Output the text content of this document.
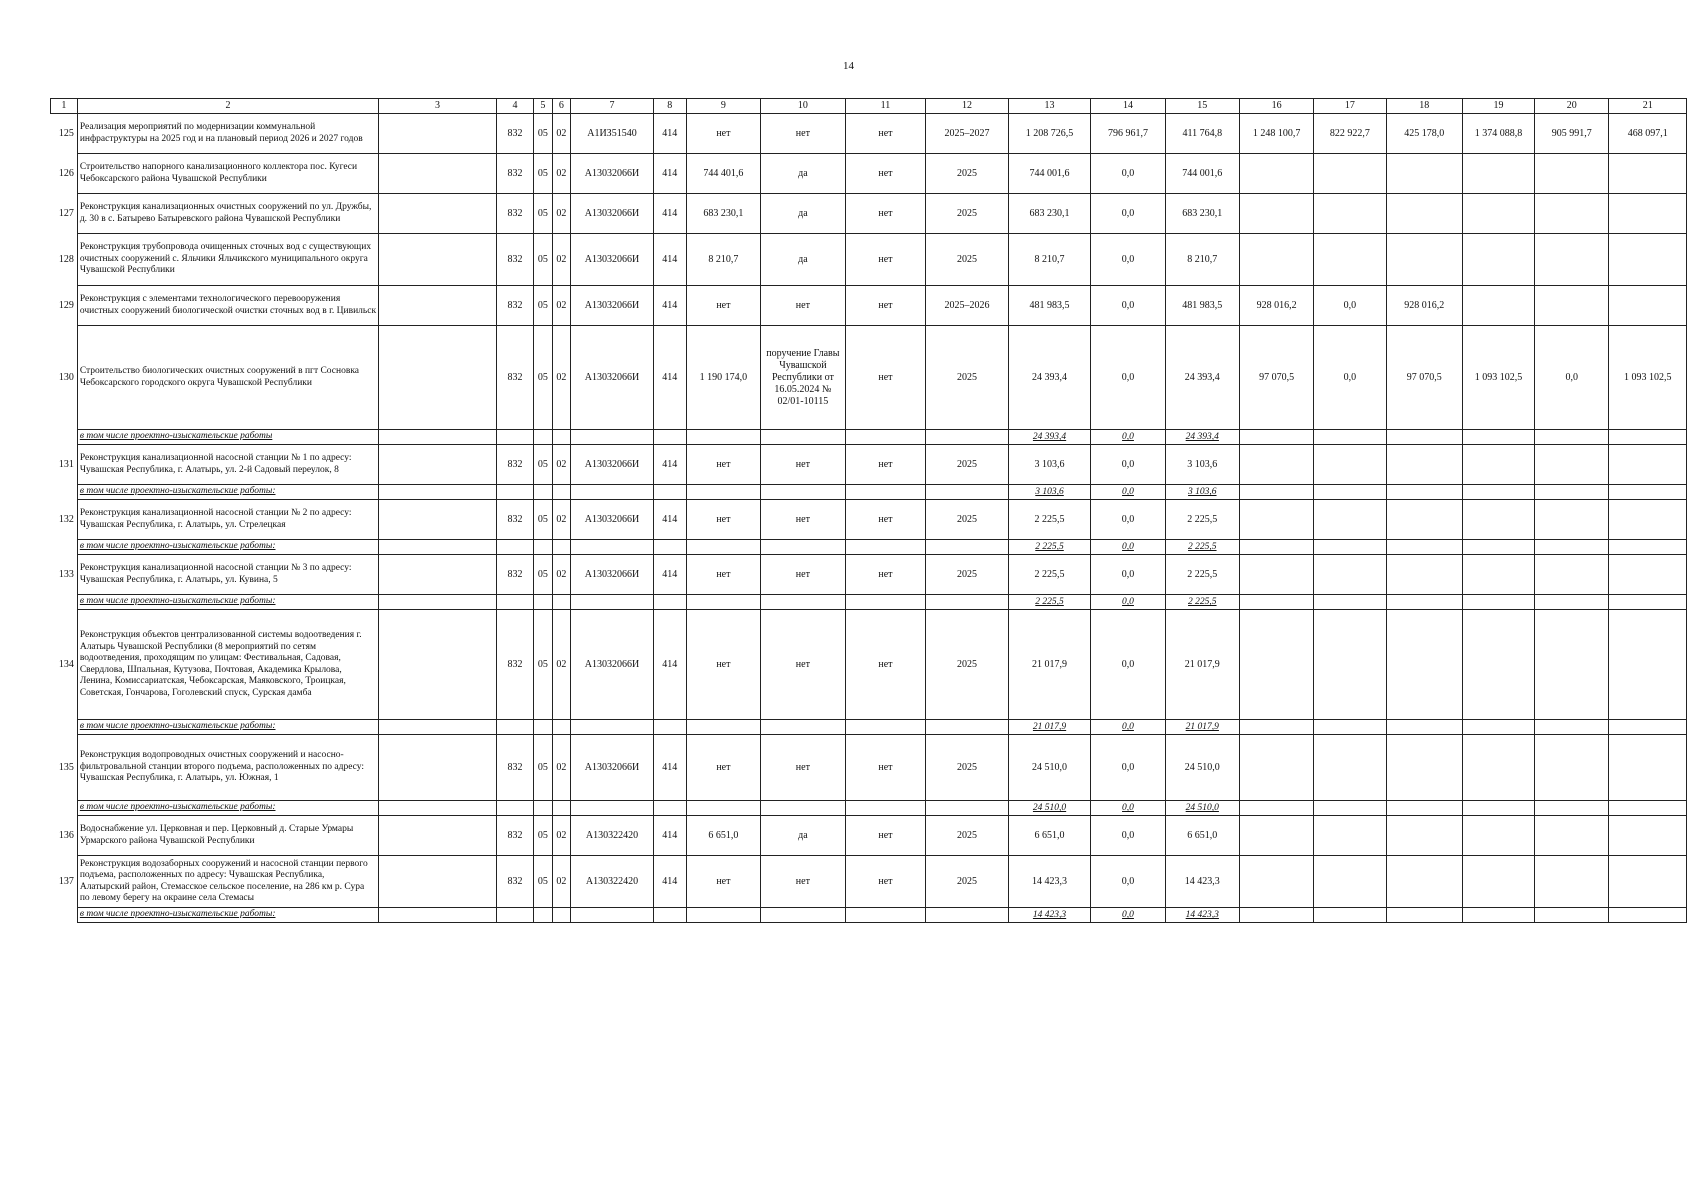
14
1	2	3	4	5	6	7	8	9	10	11	12	13	14	15	16	17	18	19	20	21
125	Реализация мероприятий по модернизации коммунальной инфраструктуры на 2025 год и на плановый период 2026 и 2027 годов		832	05	02	A1ИЗ51540	414	нет	нет	нет	2025–2027	1 208 726,5	796 961,7	411 764,8	1 248 100,7	822 922,7	425 178,0	1 374 088,8	905 991,7	468 097,1
126	Строительство напорного канализационного коллектора пос. Кугеси Чебоксарского района Чувашской Республики		832	05	02	A13032066И	414	744 401,6	да	нет	2025	744 001,6	0,0	744 001,6						
127	Реконструкция канализационных очистных сооружений по ул. Дружбы, д. 30 в с. Батырево Батыревского района Чувашской Республики		832	05	02	A13032066И	414	683 230,1	да	нет	2025	683 230,1	0,0	683 230,1						
128	Реконструкция трубопровода очищенных сточных вод с существующих очистных сооружений с. Яльчики Яльчикского муниципального округа Чувашской Республики		832	05	02	A13032066И	414	8 210,7	да	нет	2025	8 210,7	0,0	8 210,7						
129	Реконструкция с элементами технологического перевооружения очистных сооружений биологической очистки сточных вод в г. Цивильск		832	05	02	A13032066И	414	нет	нет	нет	2025–2026	481 983,5	0,0	481 983,5	928 016,2	0,0	928 016,2			
130	Строительство биологических очистных сооружений в пгт Сосновка Чебоксарского городского округа Чувашской Республики		832	05	02	A13032066И	414	1 190 174,0	поручение Главы Чувашской Республики от 16.05.2024 № 02/01-10115	нет	2025	24 393,4	0,0	24 393,4	97 070,5	0,0	97 070,5	1 093 102,5	0,0	1 093 102,5
	в том числе проектно-изыскательские работы											24 393,4	0,0	24 393,4						
131	Реконструкция канализационной насосной станции № 1 по адресу: Чувашская Республика, г. Алатырь, ул. 2-й Садовый переулок, 8		832	05	02	A13032066И	414	нет	нет	нет	2025	3 103,6	0,0	3 103,6						
	в том числе проектно-изыскательские работы:											3 103,6	0,0	3 103,6						
132	Реконструкция канализационной насосной станции № 2 по адресу: Чувашская Республика, г. Алатырь, ул. Стрелецкая		832	05	02	A13032066И	414	нет	нет	нет	2025	2 225,5	0,0	2 225,5						
	в том числе проектно-изыскательские работы:											2 225,5	0,0	2 225,5						
133	Реконструкция канализационной насосной станции № 3 по адресу: Чувашская Республика, г. Алатырь, ул. Кувина, 5		832	05	02	A13032066И	414	нет	нет	нет	2025	2 225,5	0,0	2 225,5						
	в том числе проектно-изыскательские работы:											2 225,5	0,0	2 225,5						
134	Реконструкция объектов централизованной системы водоотведения г. Алатырь Чувашской Республики (8 мероприятий по сетям водоотведения, проходящим по улицам: Фестивальная, Садовая, Свердлова, Шпальная, Кутузова, Почтовая, Академика Крылова, Ленина, Комиссариатская, Чебоксарская, Маяковского, Троицкая, Советская, Гончарова, Гоголевский спуск, Сурская дамба		832	05	02	A13032066И	414	нет	нет	нет	2025	21 017,9	0,0	21 017,9						
	в том числе проектно-изыскательские работы:											21 017,9	0,0	21 017,9						
135	Реконструкция водопроводных очистных сооружений и насосно-фильтровальной станции второго подъема, расположенных по адресу: Чувашская Республика, г. Алатырь, ул. Южная, 1		832	05	02	A13032066И	414	нет	нет	нет	2025	24 510,0	0,0	24 510,0						
	в том числе проектно-изыскательские работы:											24 510,0	0,0	24 510,0						
136	Водоснабжение ул. Церковная и пер. Церковный д. Старые Урмары Урмарского района Чувашской Республики		832	05	02	A130322420	414	6 651,0	да	нет	2025	6 651,0	0,0	6 651,0						
137	Реконструкция водозаборных сооружений и насосной станции первого подъема, расположенных по адресу: Чувашская Республика, Алатырский район, Стемасское сельское поселение, на 286 км р. Сура по левому берегу на окраине села Стемасы		832	05	02	A130322420	414	нет	нет	нет	2025	14 423,3	0,0	14 423,3						
	в том числе проектно-изыскательские работы:											14 423,3	0,0	14 423,3						
